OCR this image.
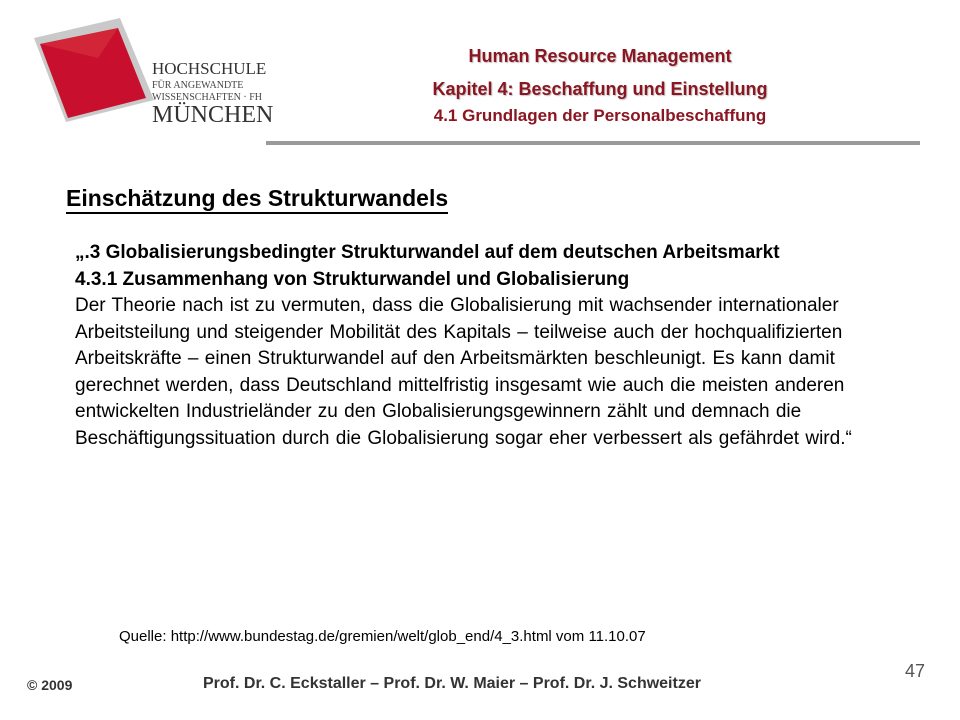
HOCHSCHULE
FÜR ANGEWANDTE
WISSENSCHAFTEN · FH
MÜNCHEN
Human Resource Management
Kapitel 4: Beschaffung und Einstellung
4.1 Grundlagen der Personalbeschaffung
Einschätzung des Strukturwandels

„.3 Globalisierungsbedingter Strukturwandel auf dem deutschen Arbeitsmarkt

4.3.1 Zusammenhang von Strukturwandel und Globalisierung

Der Theorie nach ist zu vermuten, dass die Globalisierung mit wachsender internationaler Arbeitsteilung und steigender Mobilität des Kapitals – teilweise auch der hochqualifizierten Arbeitskräfte – einen Strukturwandel auf den Arbeitsmärkten beschleunigt. Es kann damit gerechnet werden, dass Deutschland mittelfristig insgesamt wie auch die meisten anderen entwickelten Industrieländer zu den Globalisierungsgewinnern zählt und demnach die Beschäftigungssituation durch die Globalisierung sogar eher verbessert als gefährdet wird.“

Quelle: http://www.bundestag.de/gremien/welt/glob_end/4_3.html vom 11.10.07
© 2009	Prof. Dr. C. Eckstaller – Prof. Dr. W. Maier – Prof. Dr. J. Schweitzer
47
